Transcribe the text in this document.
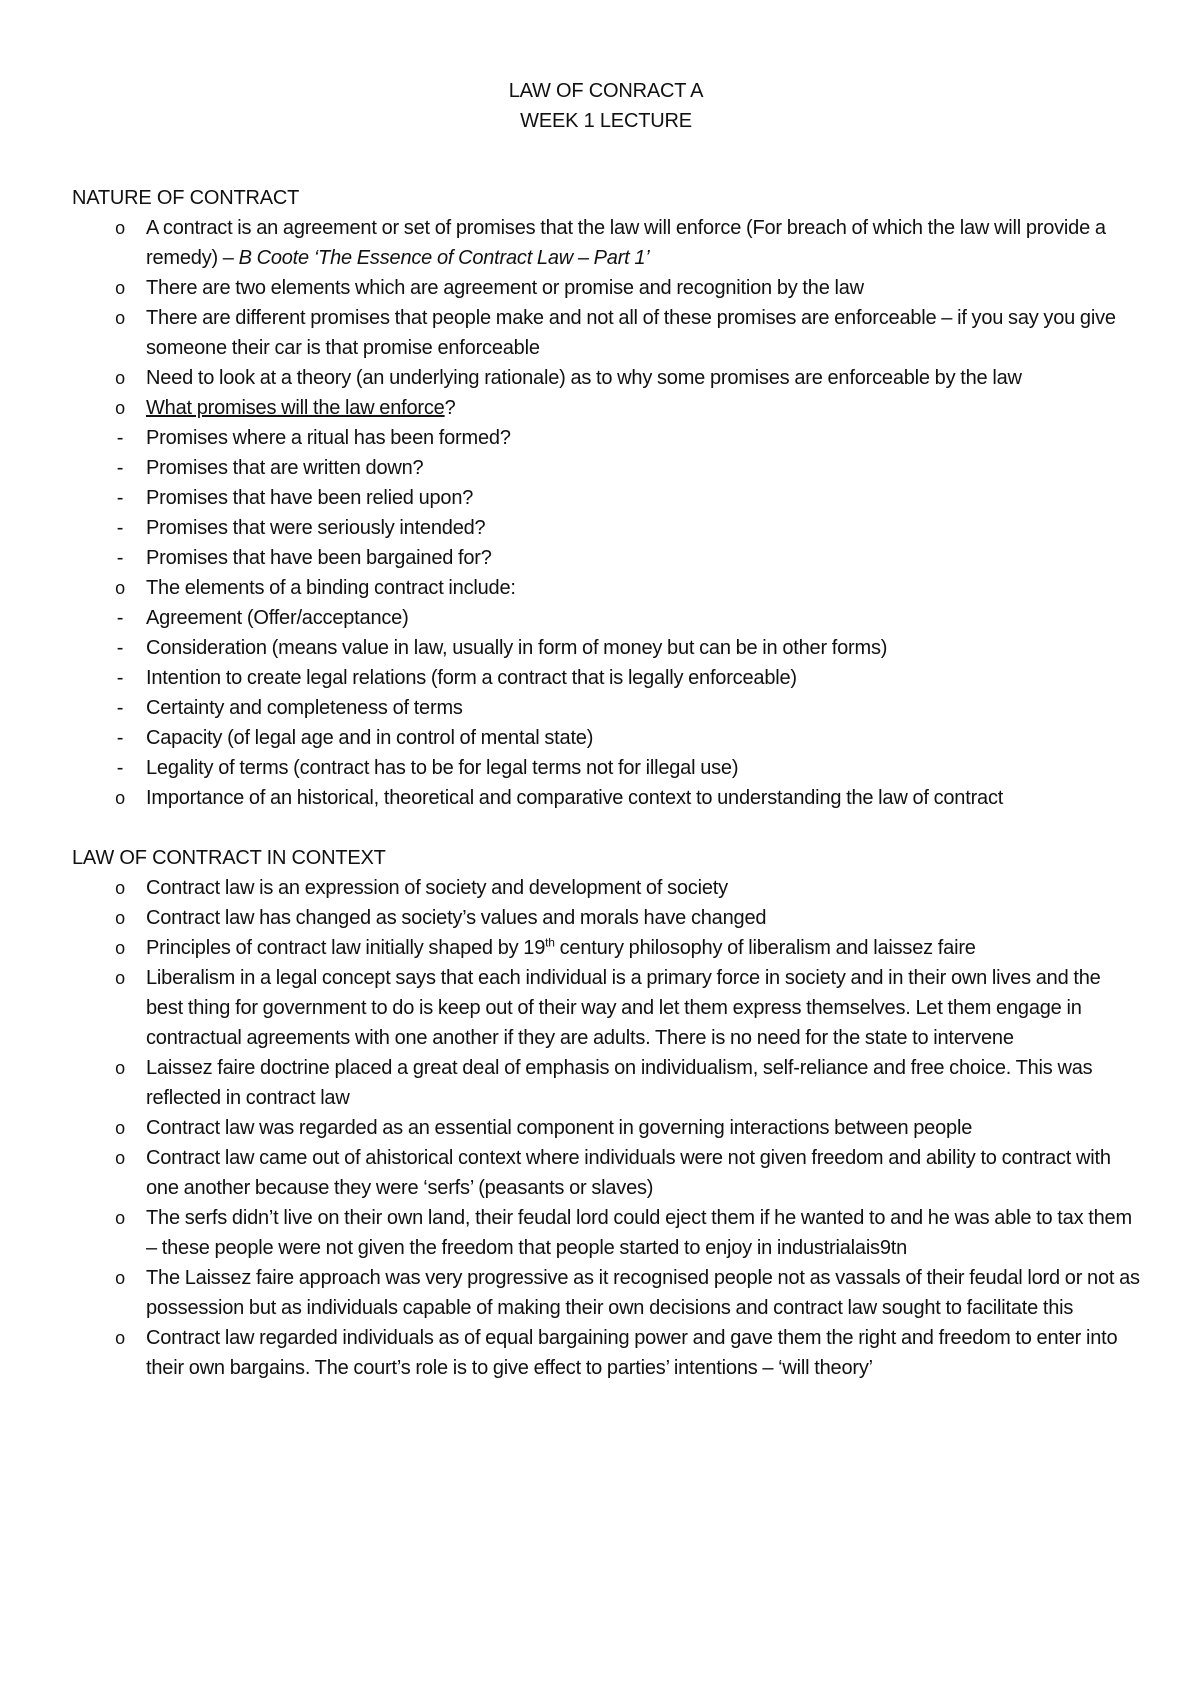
LAW OF CONRACT A
WEEK 1 LECTURE
NATURE OF CONTRACT
o A contract is an agreement or set of promises that the law will enforce (For breach of which the law will provide a remedy) – B Coote ‘The Essence of Contract Law – Part 1’
o There are two elements which are agreement or promise and recognition by the law
o There are different promises that people make and not all of these promises are enforceable – if you say you give someone their car is that promise enforceable
o Need to look at a theory (an underlying rationale) as to why some promises are enforceable by the law
o What promises will the law enforce?
-	Promises where a ritual has been formed?
-	Promises that are written down?
-	Promises that have been relied upon?
-	Promises that were seriously intended?
-	Promises that have been bargained for?
o The elements of a binding contract include:
-	Agreement (Offer/acceptance)
-	Consideration (means value in law, usually in form of money but can be in other forms)
-	Intention to create legal relations (form a contract that is legally enforceable)
-	Certainty and completeness of terms
-	Capacity (of legal age and in control of mental state)
-	Legality of terms (contract has to be for legal terms not for illegal use)
o Importance of an historical, theoretical and comparative context to understanding the law of contract
LAW OF CONTRACT IN CONTEXT
o Contract law is an expression of society and development of society
o Contract law has changed as society’s values and morals have changed
o Principles of contract law initially shaped by 19th century philosophy of liberalism and laissez faire
o Liberalism in a legal concept says that each individual is a primary force in society and in their own lives and the best thing for government to do is keep out of their way and let them express themselves. Let them engage in contractual agreements with one another if they are adults. There is no need for the state to intervene
o Laissez faire doctrine placed a great deal of emphasis on individualism, self-reliance and free choice. This was reflected in contract law
o Contract law was regarded as an essential component in governing interactions between people
o Contract law came out of ahistorical context where individuals were not given freedom and ability to contract with one another because they were ‘serfs’ (peasants or slaves)
o The serfs didn’t live on their own land, their feudal lord could eject them if he wanted to and he was able to tax them – these people were not given the freedom that people started to enjoy in industrialais9tn
o The Laissez faire approach was very progressive as it recognised people not as vassals of their feudal lord or not as possession but as individuals capable of making their own decisions and contract law sought to facilitate this
o Contract law regarded individuals as of equal bargaining power and gave them the right and freedom to enter into their own bargains. The court’s role is to give effect to parties’ intentions – ‘will theory’
